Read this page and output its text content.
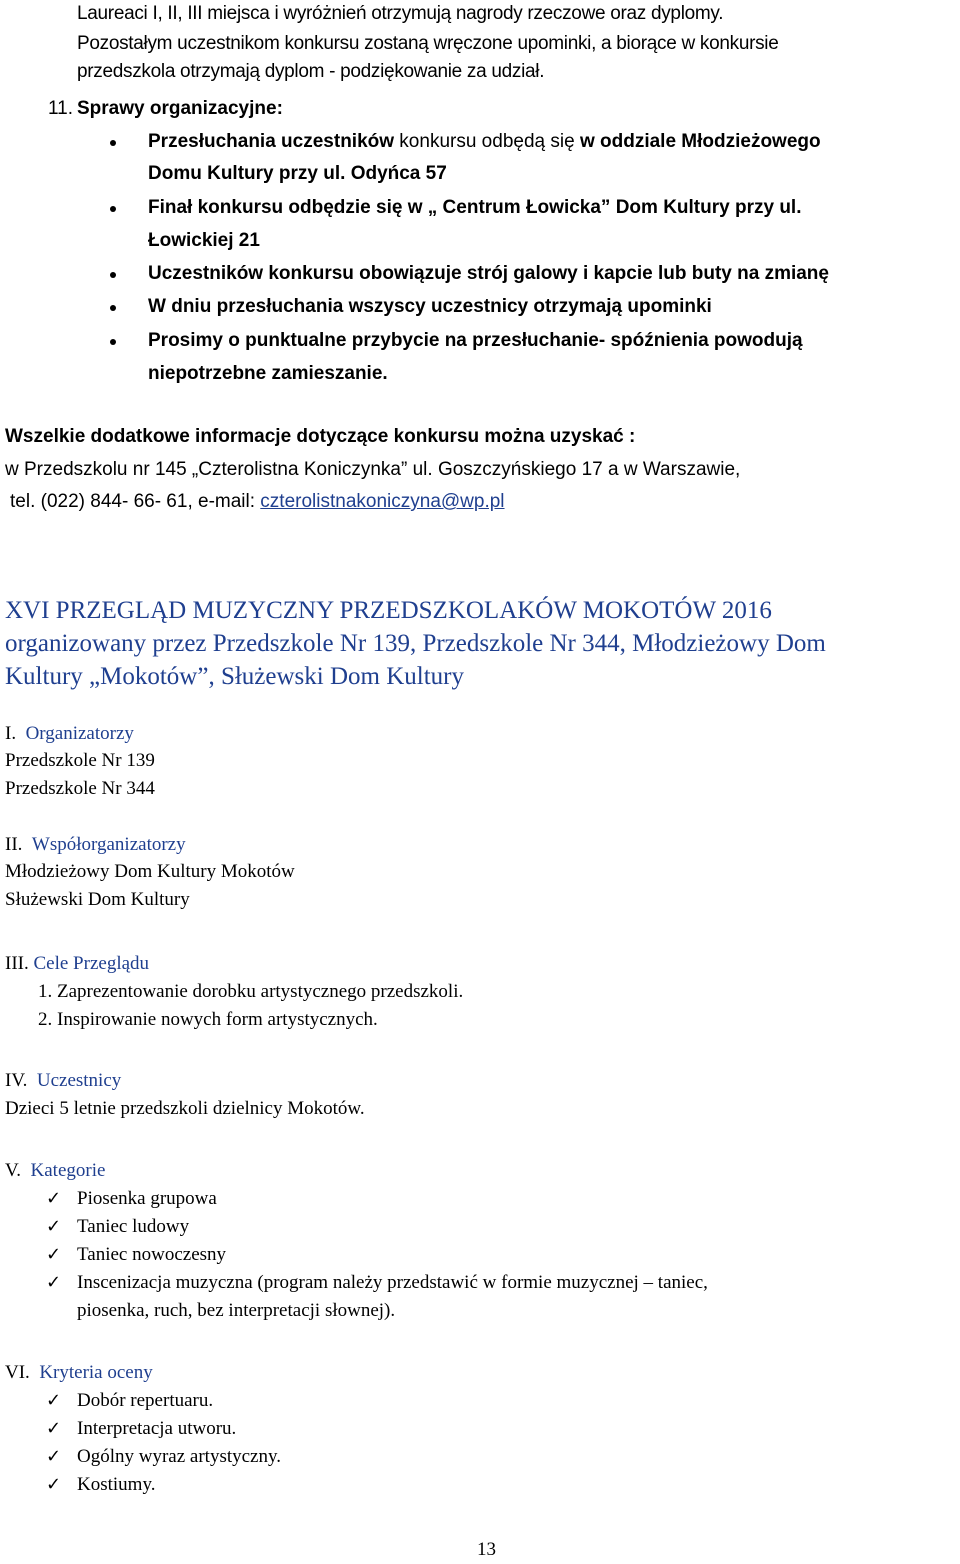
Laureaci I, II, III miejsca i wyróżnień otrzymują nagrody rzeczowe oraz dyplomy.
Pozostałym uczestnikom konkursu zostaną wręczone upominki, a biorące w konkursie
przedszkola otrzymają dyplom - podziękowanie za udział.
11. Sprawy organizacyjne:
Przesłuchania uczestników konkursu odbędą się w oddziale Młodzieżowego
Domu Kultury przy ul. Odyńca 57
Finał konkursu odbędzie się w „ Centrum Łowicka” Dom Kultury przy ul.
Łowickiej 21
Uczestników konkursu obowiązuje strój galowy i kapcie lub buty na zmianę
W dniu przesłuchania wszyscy uczestnicy otrzymają upominki
Prosimy o punktualne przybycie na przesłuchanie- spóźnienia powodują
niepotrzebne zamieszanie.
Wszelkie dodatkowe informacje dotyczące konkursu można uzyskać :
w Przedszkolu nr 145 „Czterolistna Koniczynka” ul. Goszczyńskiego 17 a w Warszawie,
tel. (022) 844- 66- 61, e-mail: czterolistnakoniczyna@wp.pl
XVI PRZEGLĄD MUZYCZNY PRZEDSZKOLAKÓW MOKOTÓW 2016
organizowany przez Przedszkole Nr 139, Przedszkole Nr 344, Młodzieżowy Dom
Kultury „Mokotów”, Służewski Dom Kultury
I. Organizatorzy
Przedszkole Nr 139
Przedszkole Nr 344
II. Współorganizatorzy
Młodzieżowy Dom Kultury Mokotów
Służewski Dom Kultury
III. Cele Przeglądu
1. Zaprezentowanie dorobku artystycznego przedszkoli.
2. Inspirowanie nowych form artystycznych.
IV. Uczestnicy
Dzieci 5 letnie przedszkoli dzielnicy Mokotów.
V. Kategorie
✓ Piosenka grupowa
✓ Taniec ludowy
✓ Taniec nowoczesny
✓ Inscenizacja muzyczna (program należy przedstawić w formie muzycznej – taniec,
piosenka, ruch, bez interpretacji słownej).
VI. Kryteria oceny
✓ Dobór repertuaru.
✓ Interpretacja utworu.
✓ Ogólny wyraz artystyczny.
✓ Kostiumy.
13
